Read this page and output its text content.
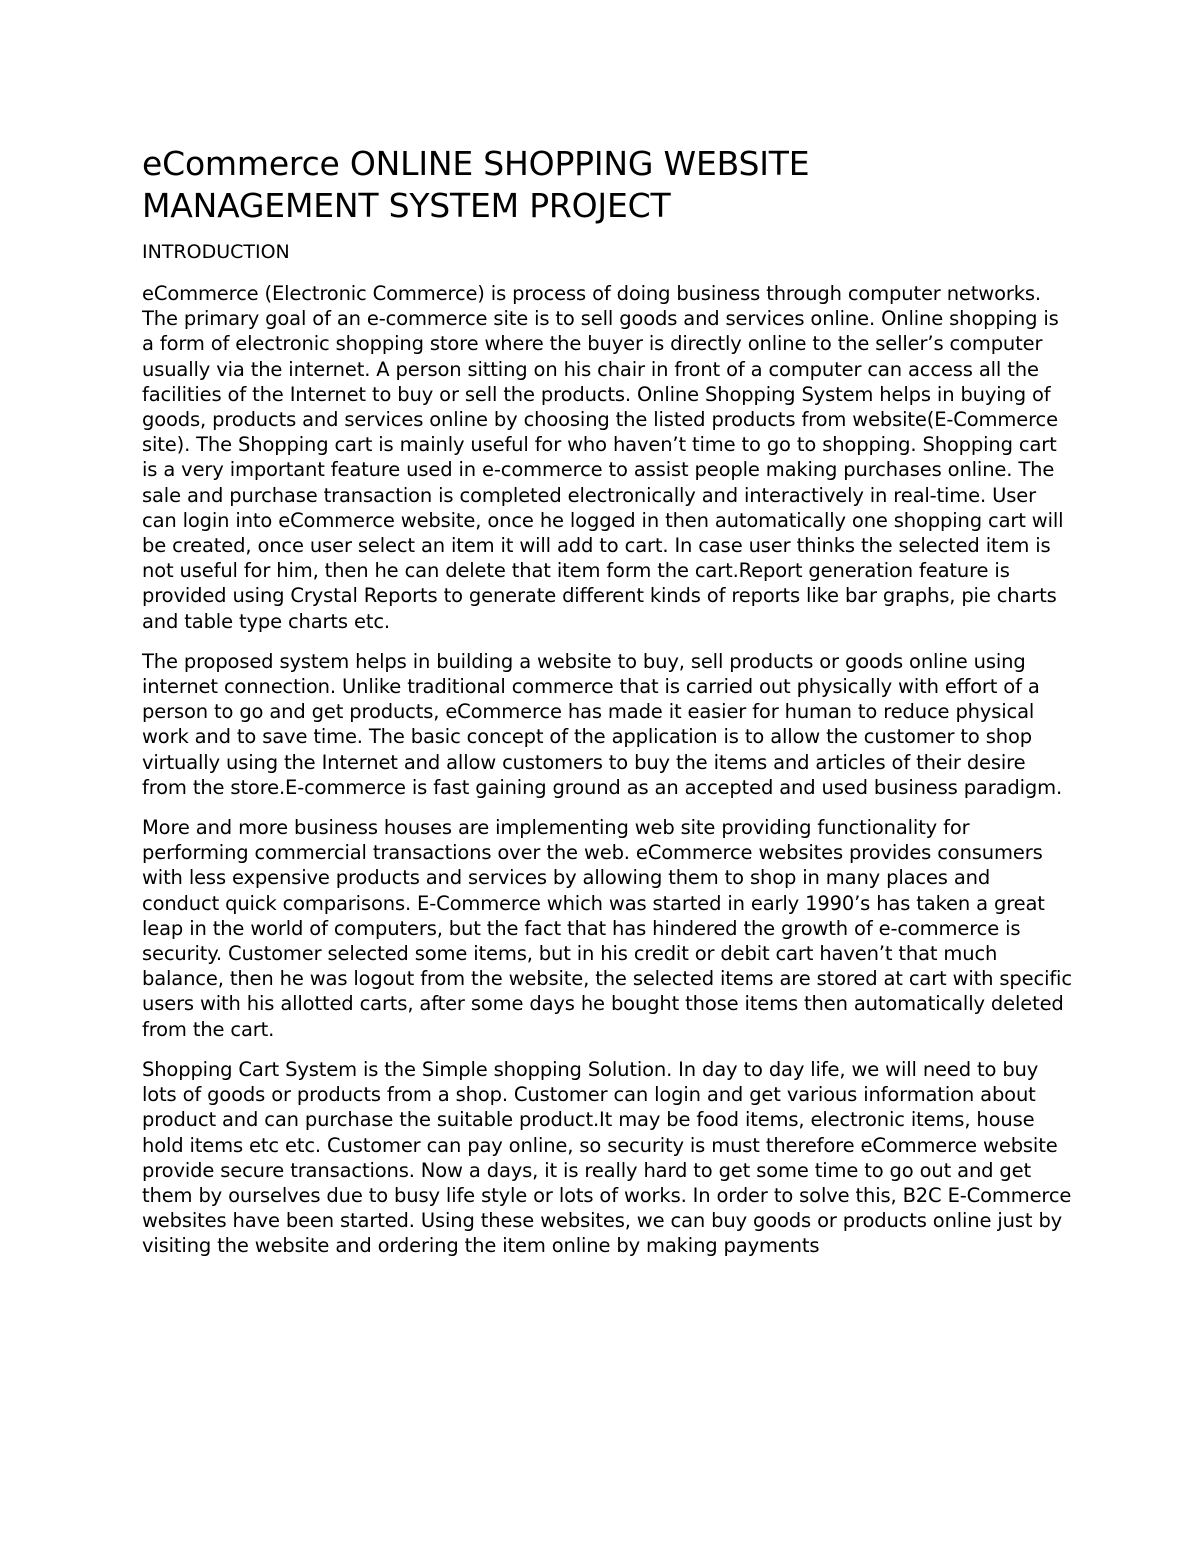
eCommerce ONLINE SHOPPING WEBSITE
MANAGEMENT SYSTEM PROJECT
INTRODUCTION

eCommerce (Electronic Commerce) is process of doing business through computer networks. The primary goal of an e-commerce site is to sell goods and services online. Online shopping is a form of electronic shopping store where the buyer is directly online to the seller’s computer usually via the internet. A person sitting on his chair in front of a computer can access all the facilities of the Internet to buy or sell the products. Online Shopping System helps in buying of goods, products and services online by choosing the listed products from website(E-Commerce site). The Shopping cart is mainly useful for who haven’t time to go to shopping. Shopping cart is a very important feature used in e-commerce to assist people making purchases online. The sale and purchase transaction is completed electronically and interactively in real-time. User can login into eCommerce website, once he logged in then automatically one shopping cart will be created, once user select an item it will add to cart. In case user thinks the selected item is not useful for him, then he can delete that item form the cart.Report generation feature is provided using Crystal Reports to generate different kinds of reports like bar graphs, pie charts and table type charts etc.

The proposed system helps in building a website to buy, sell products or goods online using internet connection. Unlike traditional commerce that is carried out physically with effort of a person to go and get products, eCommerce has made it easier for human to reduce physical work and to save time. The basic concept of the application is to allow the customer to shop virtually using the Internet and allow customers to buy the items and articles of their desire from the store.E-commerce is fast gaining ground as an accepted and used business paradigm.

More and more business houses are implementing web site providing functionality for performing commercial transactions over the web. eCommerce websites provides consumers with less expensive products and services by allowing them to shop in many places and conduct quick comparisons. E-Commerce which was started in early 1990’s has taken a great leap in the world of computers, but the fact that has hindered the growth of e-commerce is security. Customer selected some items, but in his credit or debit cart haven’t that much balance, then he was logout from the website, the selected items are stored at cart with specific users with his allotted carts, after some days he bought those items then automatically deleted from the cart.

Shopping Cart System is the Simple shopping Solution. In day to day life, we will need to buy lots of goods or products from a shop. Customer can login and get various information about product and can purchase the suitable product.It may be food items, electronic items, house hold items etc etc. Customer can pay online, so security is must therefore eCommerce website provide secure transactions. Now a days, it is really hard to get some time to go out and get them by ourselves due to busy life style or lots of works. In order to solve this, B2C E-Commerce websites have been started. Using these websites, we can buy goods or products online just by visiting the website and ordering the item online by making payments
